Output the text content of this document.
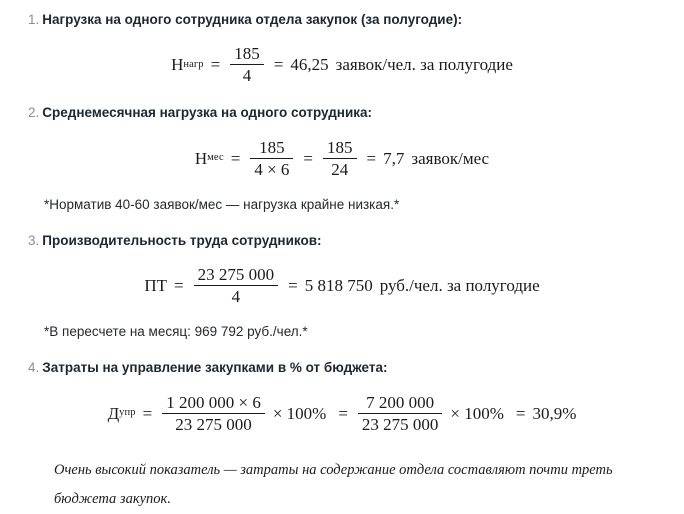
1. Нагрузка на одного сотрудника отдела закупок (за полугодие):
Н нагр = $\frac{185}{4} = 46,25$ заявок/чел. за полугодие
2. Среднемесячная нагрузка на одного сотрудника:
Н мес = $\frac{185}{4 \times 6} = \frac{185}{24} = 7,7$ заявок/мес
*Норматив 40-60 заявок/мес — нагрузка крайне низкая.*
3. Производительность труда сотрудников:
ПТ = $\frac{23 275 000}{4} = 5$ 818 750 руб./чел. за полугодие
*В пересчете на месяц: 969 792 руб./чел.*
4. Затраты на управление закупками в % от бюджета:
Д упр = $\frac{1 200 000 \times 6}{23 275 000} \times 100\% = \frac{7 200 000}{23 275 000} \times 100\% = 30,9\%$
Очень высокий показатель — затраты на содержание отдела составляют почти треть бюджета закупок.
